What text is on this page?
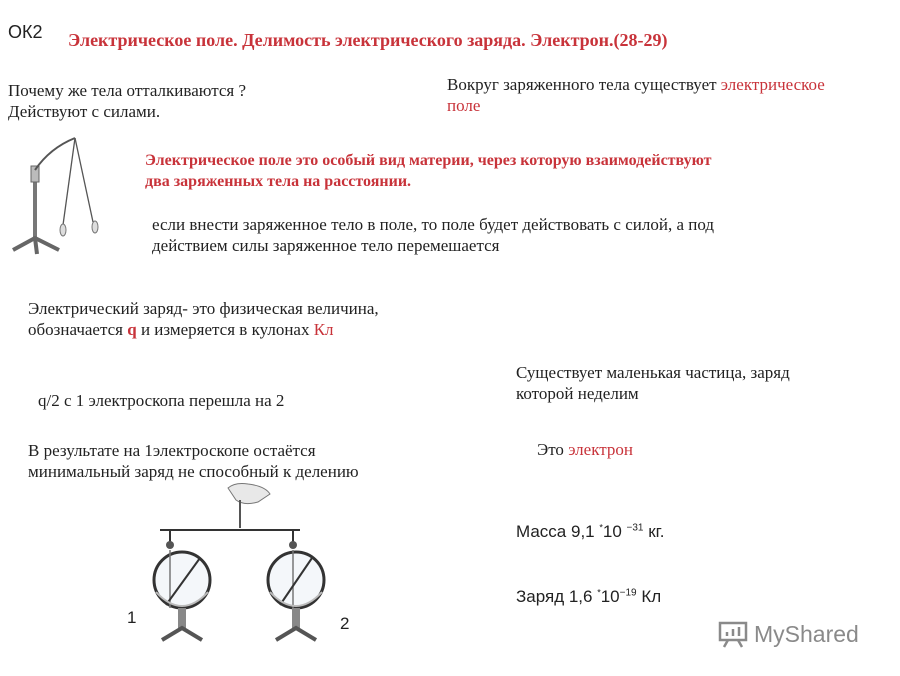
ОК2 Электрическое поле. Делимость электрического заряда. Электрон.(28-29)
Почему же тела отталкиваются ?
Действуют с силами.
Вокруг заряженного тела существует электрическое
поле
Электрическое поле это особый вид материи, через которую взаимодействуют
два заряженных тела на расстоянии.
если внести заряженное тело в поле, то поле будет действовать с силой, а под
действием силы заряженное тело перемешается
Электрический заряд- это физическая величина,
обозначается q и измеряется в кулонах Кл
Существует маленькая частица, заряд
которой неделим
q/2 с 1 электроскопа перешла на 2
Это электрон
В результате на 1электроскопе остаётся
минимальный заряд не способный к делению
1	2
Масса 9,1 *10 $^{-31}$ кг.
Заряд 1,6 $^*10^{-19}$ Кл
MyShared
